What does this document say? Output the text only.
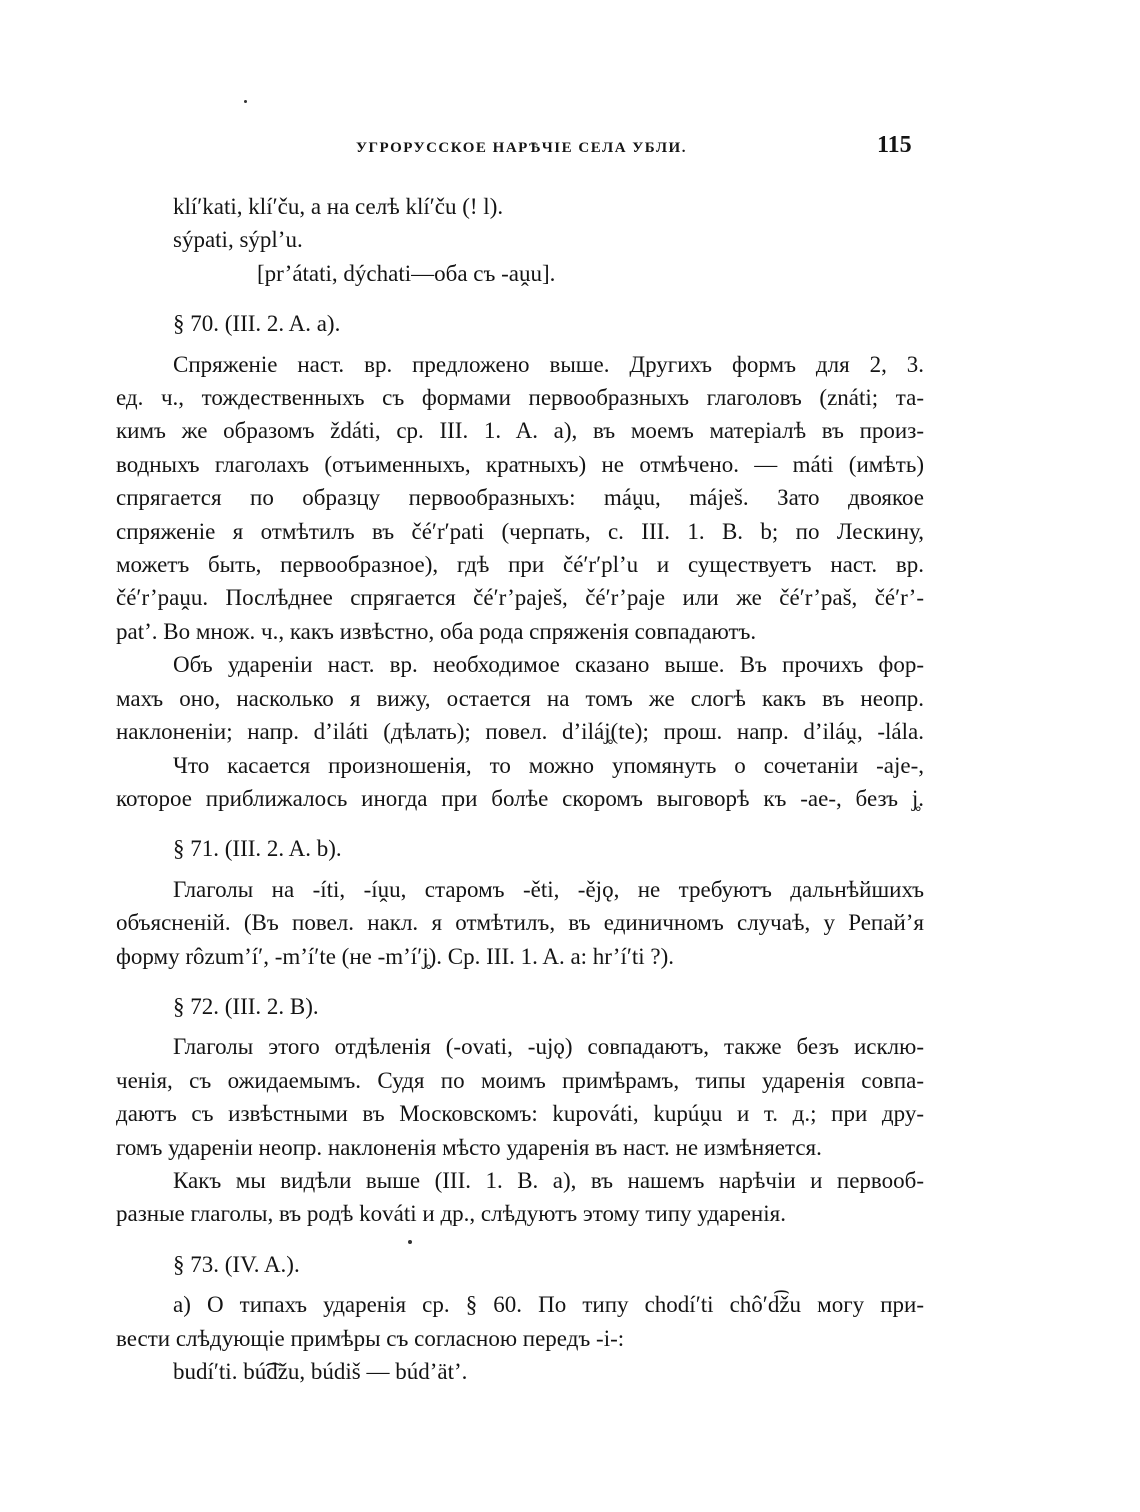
УГРОРУССКОЕ НАРѢЧІЕ СЕЛА УБЛИ.	115
klí′kati, klí′ču, а на селѣ klí′ču (! l).
sýpati, sýpl’u.
[pr’átati, dýchati—оба съ -aṷu].
§ 70. (III. 2. A. a).
Спряженіе наст. вр. предложено выше. Другихъ формъ для 2, 3.
ед. ч., тождественныхъ съ формами первообразныхъ глаголовъ (znáti; та-
кимъ же образомъ ždáti, ср. III. 1. A. a), въ моемъ матеріалѣ въ произ-
водныхъ глаголахъ (отъименныхъ, кратныхъ) не отмѣчено. — máti (имѣть)
спрягается по образцу первообразныхъ: máṷu, máješ. Зато двоякое
спряженіе я отмѣтилъ въ čé′r′pati (черпать, с. III. 1. B. b; по Лескину,
можетъ быть, первообразное), гдѣ при čé′r′pl’u и существуетъ наст. вр.
čé′r’paṷu. Послѣднее спрягается čé′r’paješ, čé′r’paje или же čé′r’paš, čé′r’-
pat’. Во множ. ч., какъ извѣстно, оба рода спряженія совпадаютъ.
Объ удареніи наст. вр. необходимое сказано выше. Въ прочихъ фор-
махъ оно, насколько я вижу, остается на томъ же слогѣ какъ въ неопр.
наклоненіи; напр. d’iláti (дѣлать); повел. d’iláj̥(te); прош. напр. d’iláṷ, -lála.
Что касается произношенія, то можно упомянуть о сочетаніи -aje-,
которое приближалось иногда при болѣе скоромъ выговорѣ къ -ae-, безъ j̥.
§ 71. (III. 2. A. b).
Глаголы на -íti, -íṷu, старомъ -ěti, -ějǫ, не требуютъ дальнѣйшихъ
объясненій. (Въ повел. накл. я отмѣтилъ, въ единичномъ случаѣ, у Репай’я
форму rôzum’í′, -m’í′te (не -m’í′j̥). Ср. III. 1. A. a: hr’í′ti ?).
§ 72. (III. 2. B).
Глаголы этого отдѣленія (-ovati, -ujǫ) совпадаютъ, также безъ исклю-
ченія, съ ожидаемымъ. Судя по моимъ примѣрамъ, типы ударенія совпа-
даютъ съ извѣстными въ Московскомъ: kupováti, kupúṷu и т. д.; при дру-
гомъ удареніи неопр. наклоненія мѣсто ударенія въ наст. не измѣняется.
Какъ мы видѣли выше (III. 1. B. a), въ нашемъ нарѣчіи и первооб-
разные глаголы, въ родѣ kováti и др., слѣдуютъ этому типу ударенія.
§ 73. (IV. A.).
a) О типахъ ударенія ср. § 60. По типу chodí′ti chô′d͡žu могу при-
вести слѣдующіе примѣры съ согласною передъ -i-:
budí′ti. bú͡džu, búdiš — búd’ät’.
